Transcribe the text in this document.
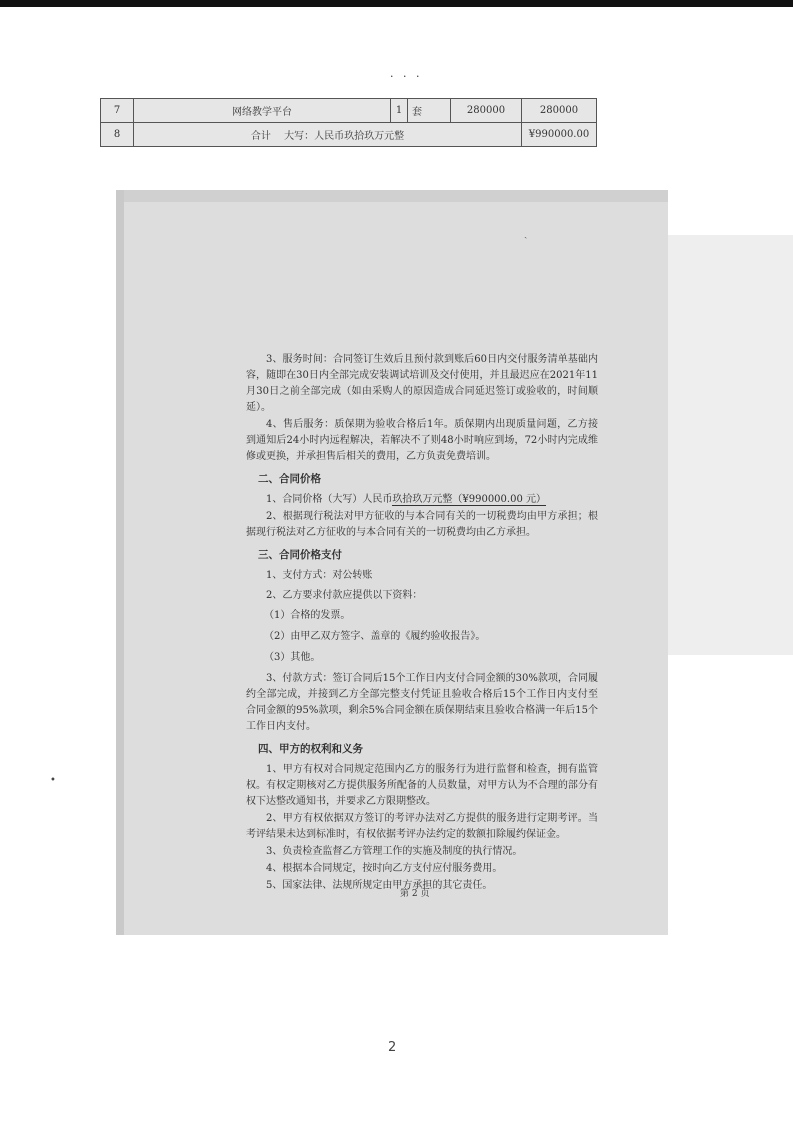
· · ·
•
ˏ
7	网络教学平台	1	套	280000	280000
8	合计　 大写：人民币玖拾玖万元整				¥990000.00

3、服务时间：合同签订生效后且预付款到账后60日内交付服务清单基础内容，随即在30日内全部完成安装调试培训及交付使用，并且最迟应在2021年11月30日之前全部完成（如由采购人的原因造成合同延迟签订或验收的，时间顺延）。

4、售后服务：质保期为验收合格后1年。质保期内出现质量问题，乙方接到通知后24小时内远程解决，若解决不了则48小时响应到场，72小时内完成维修或更换，并承担售后相关的费用，乙方负责免费培训。

二、合同价格

1、合同价格（大写）人民币玖拾玖万元整（¥990000.00 元）

2、根据现行税法对甲方征收的与本合同有关的一切税费均由甲方承担；根据现行税法对乙方征收的与本合同有关的一切税费均由乙方承担。

三、合同价格支付

1、支付方式：对公转账

2、乙方要求付款应提供以下资料：

（1）合格的发票。
（2）由甲乙双方签字、盖章的《履约验收报告》。
（3）其他。

3、付款方式：签订合同后15个工作日内支付合同金额的30%款项，合同履约全部完成，并接到乙方全部完整支付凭证且验收合格后15个工作日内支付至合同金额的95%款项，剩余5%合同金额在质保期结束且验收合格满一年后15个工作日内支付。

四、甲方的权利和义务

1、甲方有权对合同规定范围内乙方的服务行为进行监督和检查，拥有监管权。有权定期核对乙方提供服务所配备的人员数量，对甲方认为不合理的部分有权下达整改通知书，并要求乙方限期整改。

2、甲方有权依据双方签订的考评办法对乙方提供的服务进行定期考评。当考评结果未达到标准时，有权依据考评办法约定的数额扣除履约保证金。

3、负责检查监督乙方管理工作的实施及制度的执行情况。

4、根据本合同规定，按时向乙方支付应付服务费用。

5、国家法律、法规所规定由甲方承担的其它责任。

第 2 页
2
